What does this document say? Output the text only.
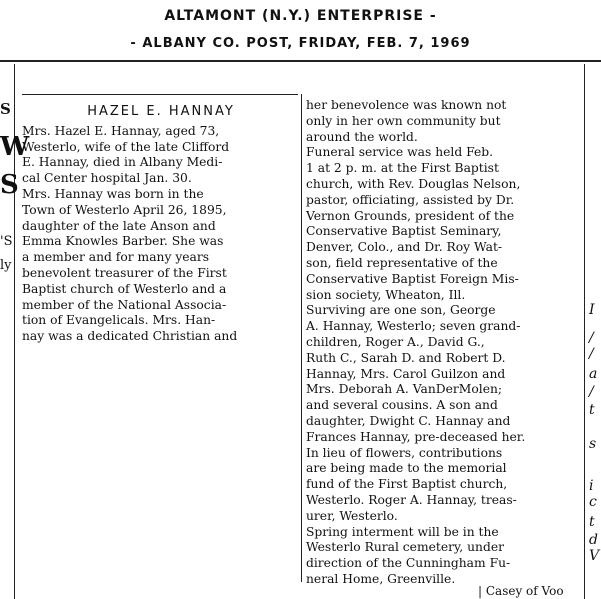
ALTAMONT (N.Y.) ENTERPRISE -
- ALBANY CO. POST, FRIDAY, FEB. 7, 1969
S
W
S
'S
ly
HAZEL E. HANNAY

Mrs. Hazel E. Hannay, aged 73,

Westerlo, wife of the late Clifford

E. Hannay, died in Albany Medi-

cal Center hospital Jan. 30.

Mrs. Hannay was born in the

Town of Westerlo April 26, 1895,

daughter of the late Anson and

Emma Knowles Barber. She was

a member and for many years

benevolent treasurer of the First

Baptist church of Westerlo and a

member of the National Associa-

tion of Evangelicals. Mrs. Han-

nay was a dedicated Christian and

her benevolence was known not

only in her own community but

around the world.

Funeral service was held Feb.

1 at 2 p. m. at the First Baptist

church, with Rev. Douglas Nelson,

pastor, officiating, assisted by Dr.

Vernon Grounds, president of the

Conservative Baptist Seminary,

Denver, Colo., and Dr. Roy Wat-

son, field representative of the

Conservative Baptist Foreign Mis-

sion society, Wheaton, Ill.

Surviving are one son, George

A. Hannay, Westerlo; seven grand-

children, Roger A., David G.,

Ruth C., Sarah D. and Robert D.

Hannay, Mrs. Carol Guilzon and

Mrs. Deborah A. VanDerMolen;

and several cousins. A son and

daughter, Dwight C. Hannay and

Frances Hannay, pre-deceased her.

In lieu of flowers, contributions

are being made to the memorial

fund of the First Baptist church,

Westerlo. Roger A. Hannay, treas-

urer, Westerlo.

Spring interment will be in the

Westerlo Rural cemetery, under

direction of the Cunningham Fu-

neral Home, Greenville.

I
/
/
a
/
t
s
i
c
t
d
V
| Casey of Voo
